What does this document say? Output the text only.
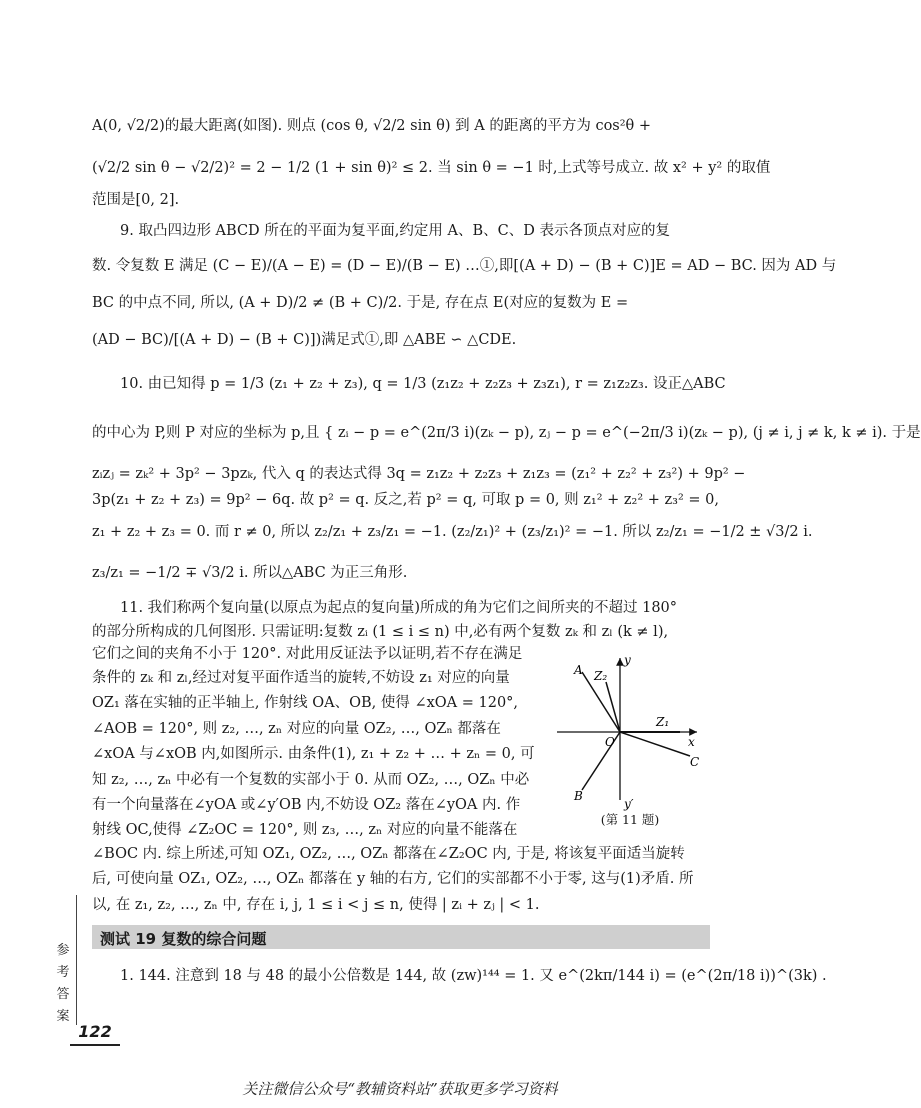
A(0, √2/2)的最大距离(如图). 则点 (cos θ, √2/2 sin θ) 到 A 的距离的平方为 cos²θ +
(√2/2 sin θ − √2/2)² = 2 − 1/2 (1 + sin θ)² ≤ 2. 当 sin θ = −1 时,上式等号成立. 故 x² + y² 的取值
范围是[0, 2].
9. 取凸四边形 ABCD 所在的平面为复平面,约定用 A、B、C、D 表示各顶点对应的复
数. 令复数 E 满足 (C − E)/(A − E) = (D − E)/(B − E) …①,即[(A + D) − (B + C)]E = AD − BC. 因为 AD 与
BC 的中点不同, 所以, (A + D)/2 ≠ (B + C)/2. 于是, 存在点 E(对应的复数为 E =
(AD − BC)/[(A + D) − (B + C)])满足式①,即 △ABE ∽ △CDE.
10. 由已知得 p = 1/3 (z₁ + z₂ + z₃), q = 1/3 (z₁z₂ + z₂z₃ + z₃z₁), r = z₁z₂z₃. 设正△ABC
的中心为 P,则 P 对应的坐标为 p,且 { zᵢ − p = e^(2π/3 i)(zₖ − p), zⱼ − p = e^(−2π/3 i)(zₖ − p), (j ≠ i, j ≠ k, k ≠ i). 于是
zᵢzⱼ = zₖ² + 3p² − 3pzₖ, 代入 q 的表达式得 3q = z₁z₂ + z₂z₃ + z₁z₃ = (z₁² + z₂² + z₃²) + 9p² −
3p(z₁ + z₂ + z₃) = 9p² − 6q. 故 p² = q. 反之,若 p² = q, 可取 p = 0, 则 z₁² + z₂² + z₃² = 0,
z₁ + z₂ + z₃ = 0. 而 r ≠ 0, 所以 z₂/z₁ + z₃/z₁ = −1. (z₂/z₁)² + (z₃/z₁)² = −1. 所以 z₂/z₁ = −1/2 ± √3/2 i.
z₃/z₁ = −1/2 ∓ √3/2 i. 所以△ABC 为正三角形.
11. 我们称两个复向量(以原点为起点的复向量)所成的角为它们之间所夹的不超过 180°
的部分所构成的几何图形. 只需证明:复数 zᵢ (1 ≤ i ≤ n) 中,必有两个复数 zₖ 和 zₗ (k ≠ l),
它们之间的夹角不小于 120°. 对此用反证法予以证明,若不存在满足
条件的 zₖ 和 zₗ,经过对复平面作适当的旋转,不妨设 z₁ 对应的向量
OZ₁ 落在实轴的正半轴上, 作射线 OA、OB, 使得 ∠xOA = 120°,
∠AOB = 120°, 则 z₂, …, zₙ 对应的向量 OZ₂, …, OZₙ 都落在
∠xOA 与∠xOB 内,如图所示. 由条件(1), z₁ + z₂ + … + zₙ = 0, 可
知 z₂, …, zₙ 中必有一个复数的实部小于 0. 从而 OZ₂, …, OZₙ 中必
有一个向量落在∠yOA 或∠y′OB 内,不妨设 OZ₂ 落在∠yOA 内. 作
射线 OC,使得 ∠Z₂OC = 120°, 则 z₃, …, zₙ 对应的向量不能落在
∠BOC 内. 综上所述,可知 OZ₁, OZ₂, …, OZₙ 都落在∠Z₂OC 内, 于是, 将该复平面适当旋转
后, 可使向量 OZ₁, OZ₂, …, OZₙ 都落在 y 轴的右方, 它们的实部都不小于零, 这与(1)矛盾. 所
以, 在 z₁, z₂, …, zₙ 中, 存在 i, j, 1 ≤ i < j ≤ n, 使得 | zᵢ + zⱼ | < 1.
y
A Z₂
Z₁
O	x
C
B
y′
(第 11 题)
测试 19 复数的综合问题
1. 144. 注意到 18 与 48 的最小公倍数是 144, 故 (zw)¹⁴⁴ = 1. 又 e^(2kπ/144 i) = (e^(2π/18 i))^(3k) .
参考答案
122
关注微信公众号“教辅资料站”获取更多学习资料
